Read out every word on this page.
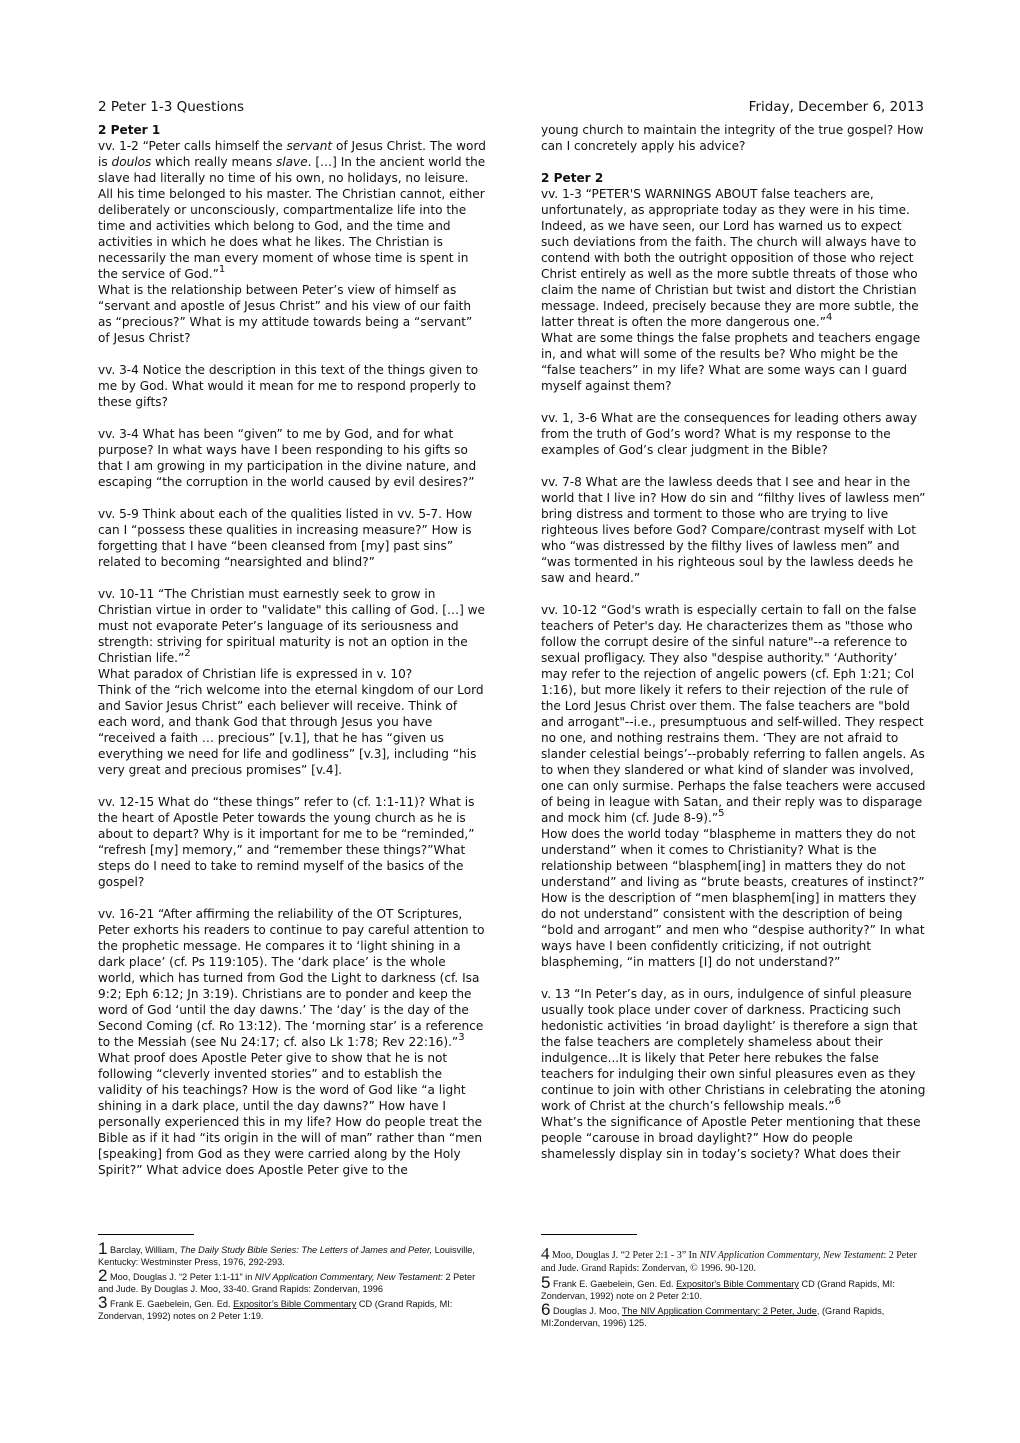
2 Peter 1-3 Questions	Friday, December 6, 2013

2 Peter 1

vv. 1-2 “Peter calls himself the servant of Jesus Christ. The word is doulos which really means slave. […] In the ancient world the slave had literally no time of his own, no holidays, no leisure. All his time belonged to his master. The Christian cannot, either deliberately or unconsciously, compartmentalize life into the time and activities which belong to God, and the time and activities in which he does what he likes. The Christian is necessarily the man every moment of whose time is spent in the service of God.”$^1$

What is the relationship between Peter’s view of himself as “servant and apostle of Jesus Christ” and his view of our faith as “precious?” What is my attitude towards being a “servant” of Jesus Christ?

vv. 3-4 Notice the description in this text of the things given to me by God. What would it mean for me to respond properly to these gifts?

vv. 3-4 What has been “given” to me by God, and for what purpose? In what ways have I been responding to his gifts so that I am growing in my participation in the divine nature, and escaping “the corruption in the world caused by evil desires?”

vv. 5-9 Think about each of the qualities listed in vv. 5-7. How can I “possess these qualities in increasing measure?” How is forgetting that I have “been cleansed from [my] past sins” related to becoming “nearsighted and blind?”

vv. 10-11 “The Christian must earnestly seek to grow in Christian virtue in order to "validate" this calling of God. […] we must not evaporate Peter’s language of its seriousness and strength: striving for spiritual maturity is not an option in the Christian life.”$^2$

What paradox of Christian life is expressed in v. 10?

Think of the “rich welcome into the eternal kingdom of our Lord and Savior Jesus Christ” each believer will receive. Think of each word, and thank God that through Jesus you have “received a faith … precious” [v.1], that he has “given us everything we need for life and godliness” [v.3], including “his very great and precious promises” [v.4].

vv. 12-15 What do “these things” refer to (cf. 1:1-11)? What is the heart of Apostle Peter towards the young church as he is about to depart? Why is it important for me to be “reminded,” “refresh [my] memory,” and “remember these things?”What steps do I need to take to remind myself of the basics of the gospel?

vv. 16-21 “After affirming the reliability of the OT Scriptures, Peter exhorts his readers to continue to pay careful attention to the prophetic message. He compares it to ‘light shining in a dark place’ (cf. Ps 119:105). The ‘dark place’ is the whole world, which has turned from God the Light to darkness (cf. Isa 9:2; Eph 6:12; Jn 3:19). Christians are to ponder and keep the word of God ‘until the day dawns.’ The ‘day’ is the day of the Second Coming (cf. Ro 13:12). The ‘morning star’ is a reference to the Messiah (see Nu 24:17; cf. also Lk 1:78; Rev 22:16).”$^3$

What proof does Apostle Peter give to show that he is not following “cleverly invented stories” and to establish the validity of his teachings? How is the word of God like “a light shining in a dark place, until the day dawns?” How have I personally experienced this in my life? How do people treat the Bible as if it had “its origin in the will of man” rather than “men [speaking] from God as they were carried along by the Holy Spirit?” What advice does Apostle Peter give to the

young church to maintain the integrity of the true gospel? How can I concretely apply his advice?

2 Peter 2

vv. 1-3 “PETER'S WARNINGS ABOUT false teachers are, unfortunately, as appropriate today as they were in his time. Indeed, as we have seen, our Lord has warned us to expect such deviations from the faith. The church will always have to contend with both the outright opposition of those who reject Christ entirely as well as the more subtle threats of those who claim the name of Christian but twist and distort the Christian message. Indeed, precisely because they are more subtle, the latter threat is often the more dangerous one.”$^4$

What are some things the false prophets and teachers engage in, and what will some of the results be? Who might be the “false teachers” in my life? What are some ways can I guard myself against them?

vv. 1, 3-6 What are the consequences for leading others away from the truth of God’s word? What is my response to the examples of God’s clear judgment in the Bible?

vv. 7-8 What are the lawless deeds that I see and hear in the world that I live in? How do sin and “filthy lives of lawless men” bring distress and torment to those who are trying to live righteous lives before God? Compare/contrast myself with Lot who “was distressed by the filthy lives of lawless men” and “was tormented in his righteous soul by the lawless deeds he saw and heard.”

vv. 10-12 “God's wrath is especially certain to fall on the false teachers of Peter's day. He characterizes them as "those who follow the corrupt desire of the sinful nature"--a reference to sexual profligacy. They also "despise authority." ‘Authority’ may refer to the rejection of angelic powers (cf. Eph 1:21; Col 1:16), but more likely it refers to their rejection of the rule of the Lord Jesus Christ over them. The false teachers are "bold and arrogant"--i.e., presumptuous and self-willed. They respect no one, and nothing restrains them. ‘They are not afraid to slander celestial beings’--probably referring to fallen angels. As to when they slandered or what kind of slander was involved, one can only surmise. Perhaps the false teachers were accused of being in league with Satan, and their reply was to disparage and mock him (cf. Jude 8-9).”$^5$

How does the world today “blaspheme in matters they do not understand” when it comes to Christianity? What is the relationship between “blasphem[ing] in matters they do not understand” and living as “brute beasts, creatures of instinct?” How is the description of “men blasphem[ing] in matters they do not understand” consistent with the description of being “bold and arrogant” and men who “despise authority?” In what ways have I been confidently criticizing, if not outright blaspheming, “in matters [I] do not understand?”

v. 13 “In Peter’s day, as in ours, indulgence of sinful pleasure usually took place under cover of darkness. Practicing such hedonistic activities ‘in broad daylight’ is therefore a sign that the false teachers are completely shameless about their indulgence...It is likely that Peter here rebukes the false teachers for indulging their own sinful pleasures even as they continue to join with other Christians in celebrating the atoning work of Christ at the church’s fellowship meals.”$^6$

What’s the significance of Apostle Peter mentioning that these people “carouse in broad daylight?” How do people shamelessly display sin in today’s society? What does their

1 Barclay, William, The Daily Study Bible Series: The Letters of James and Peter, Louisville, Kentucky: Westminster Press, 1976, 292-293.

2 Moo, Douglas J. “2 Peter 1:1-11” in NIV Application Commentary, New Testament: 2 Peter and Jude. By Douglas J. Moo, 33-40. Grand Rapids: Zondervan, 1996

3 Frank E. Gaebelein, Gen. Ed. Expositor’s Bible Commentary CD (Grand Rapids, MI: Zondervan, 1992) notes on 2 Peter 1:19.

4 Moo, Douglas J. “2 Peter 2:1 - 3” In NIV Application Commentary, New Testament: 2 Peter and Jude. Grand Rapids: Zondervan, © 1996. 90-120.

5 Frank E. Gaebelein, Gen. Ed. Expositor's Bible Commentary CD (Grand Rapids, MI: Zondervan, 1992) note on 2 Peter 2:10.

6 Douglas J. Moo, The NIV Application Commentary: 2 Peter, Jude, (Grand Rapids, MI:Zondervan, 1996) 125.
